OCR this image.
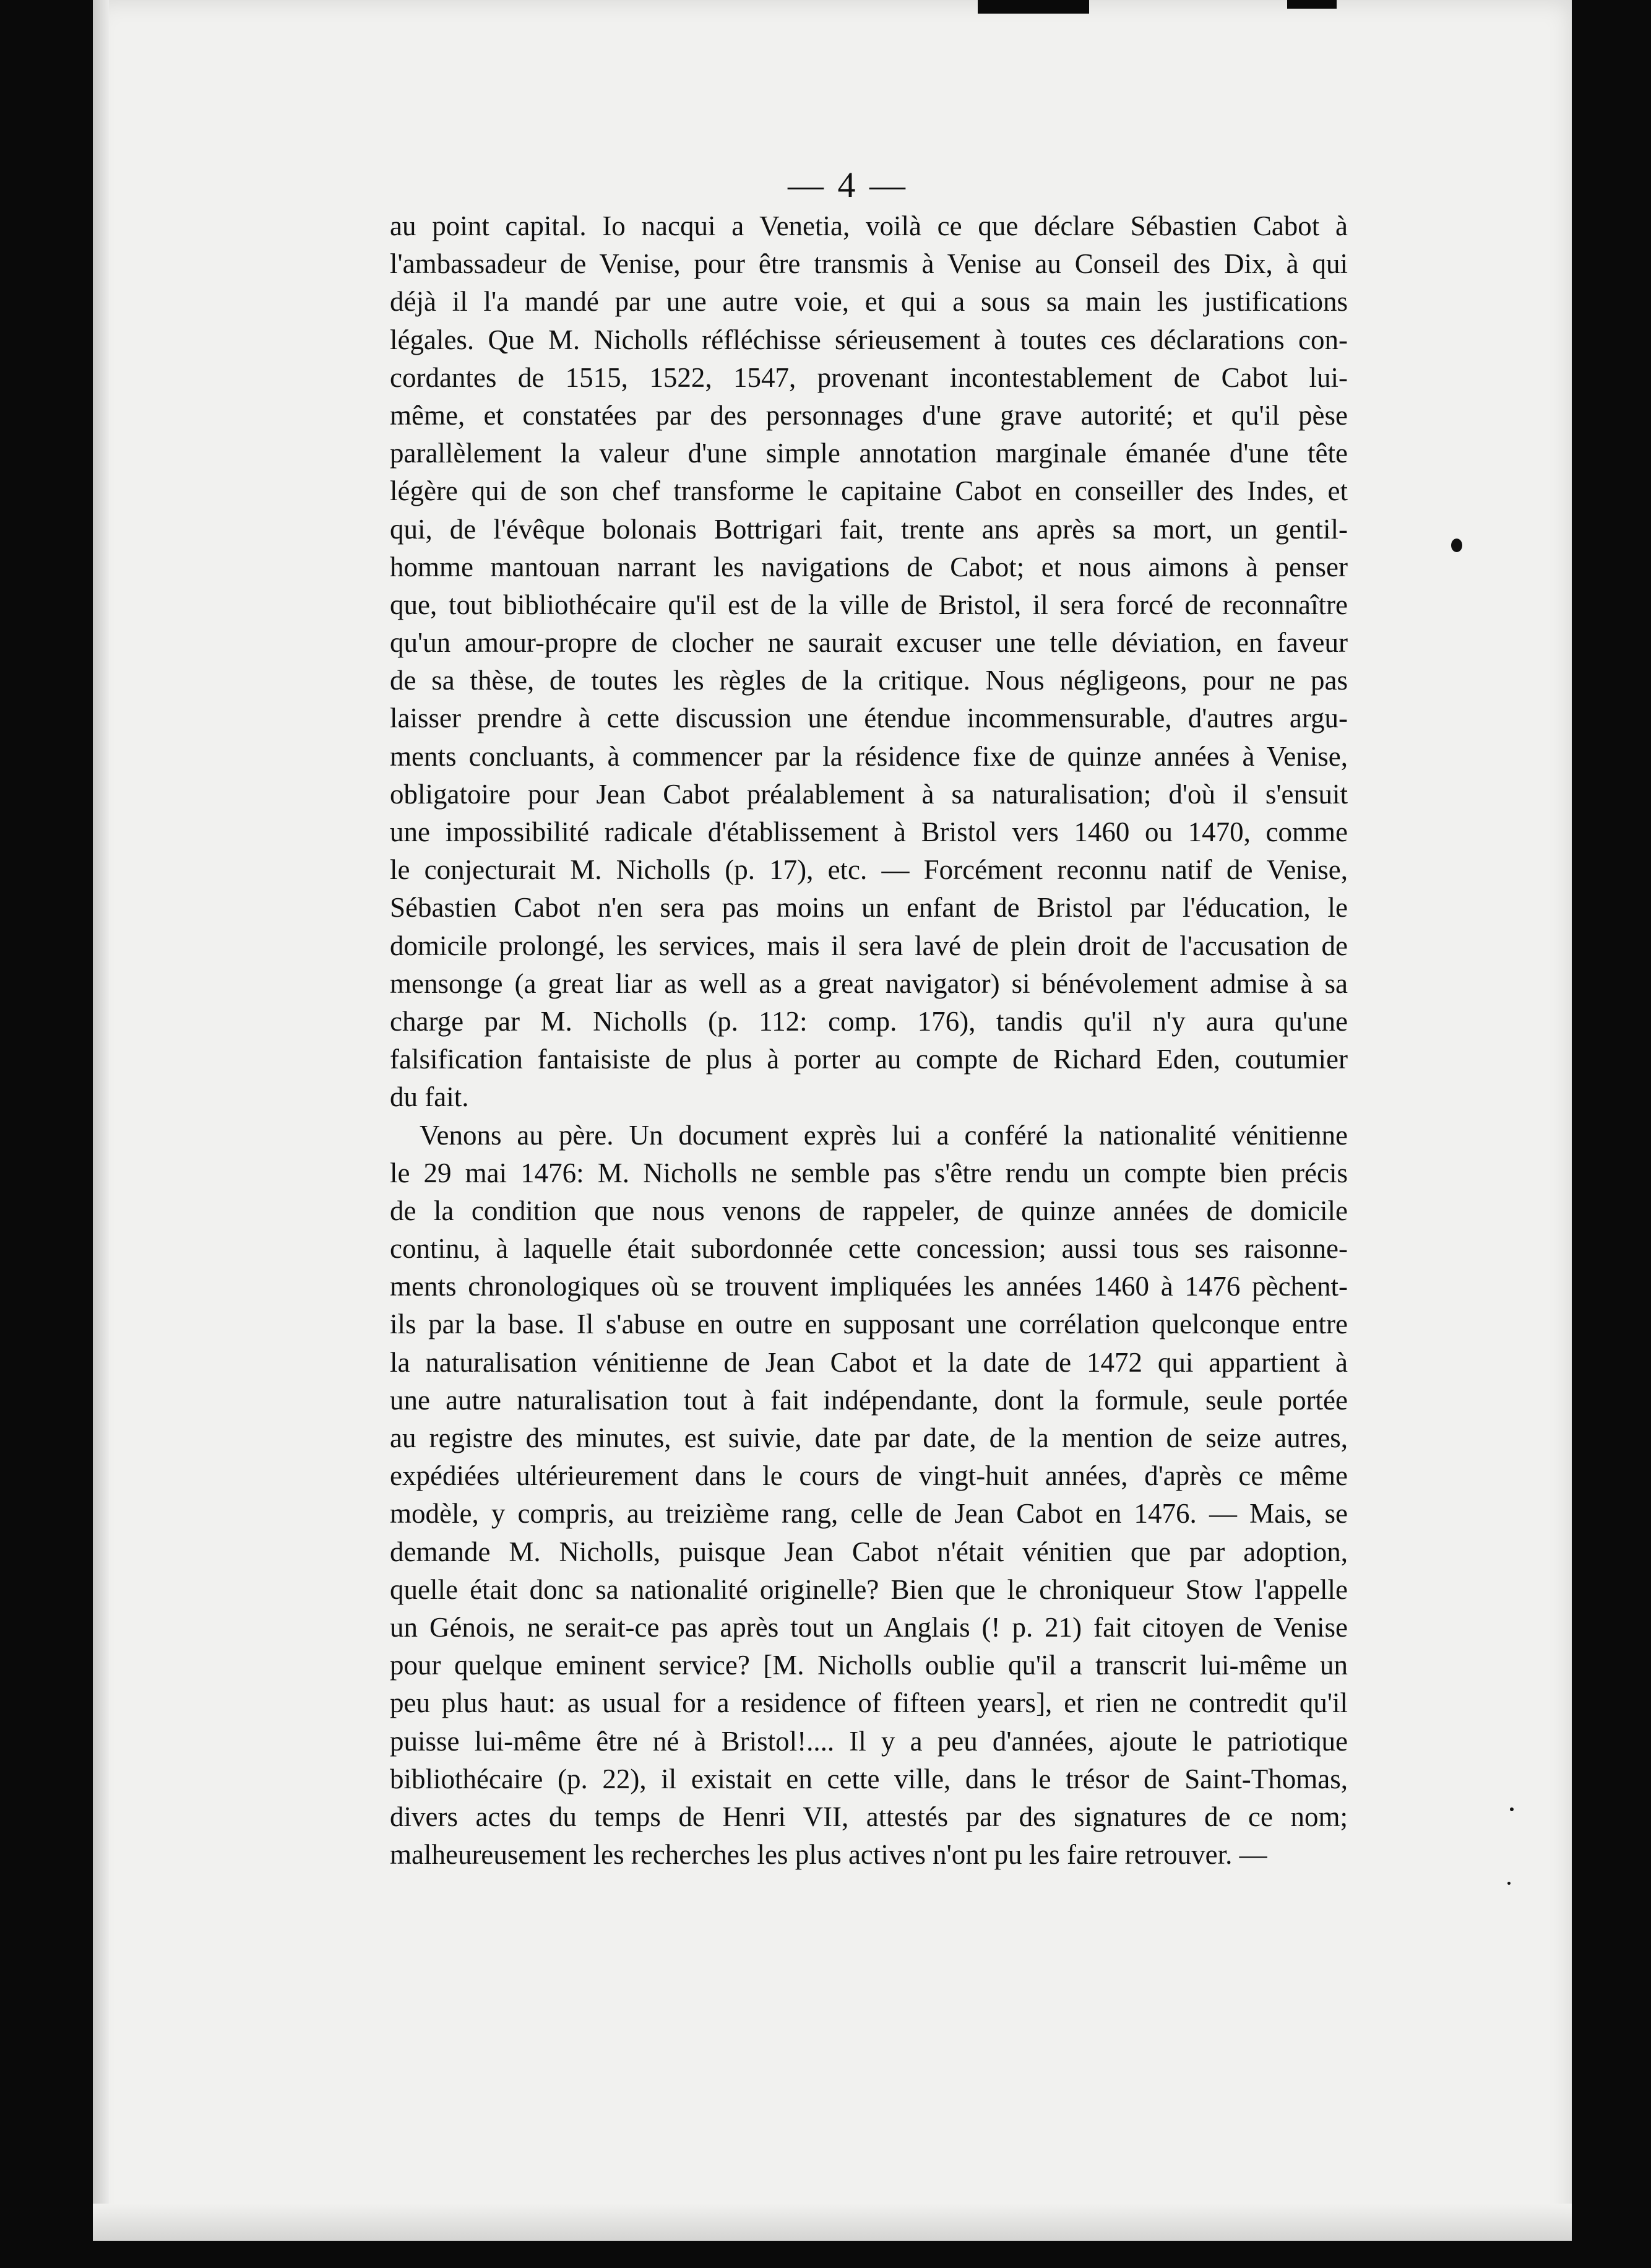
— 4 —
au point capital. Io nacqui a Venetia, voilà ce que déclare Sébastien Cabot à
l'ambassadeur de Venise, pour être transmis à Venise au Conseil des Dix, à qui
déjà il l'a mandé par une autre voie, et qui a sous sa main les justifications
légales. Que M. Nicholls réfléchisse sérieusement à toutes ces déclarations con-
cordantes de 1515, 1522, 1547, provenant incontestablement de Cabot lui-
même, et constatées par des personnages d'une grave autorité; et qu'il pèse
parallèlement la valeur d'une simple annotation marginale émanée d'une tête
légère qui de son chef transforme le capitaine Cabot en conseiller des Indes, et
qui, de l'évêque bolonais Bottrigari fait, trente ans après sa mort, un gentil-
homme mantouan narrant les navigations de Cabot; et nous aimons à penser
que, tout bibliothécaire qu'il est de la ville de Bristol, il sera forcé de reconnaître
qu'un amour-propre de clocher ne saurait excuser une telle déviation, en faveur
de sa thèse, de toutes les règles de la critique. Nous négligeons, pour ne pas
laisser prendre à cette discussion une étendue incommensurable, d'autres argu-
ments concluants, à commencer par la résidence fixe de quinze années à Venise,
obligatoire pour Jean Cabot préalablement à sa naturalisation; d'où il s'ensuit
une impossibilité radicale d'établissement à Bristol vers 1460 ou 1470, comme
le conjecturait M. Nicholls (p. 17), etc. — Forcément reconnu natif de Venise,
Sébastien Cabot n'en sera pas moins un enfant de Bristol par l'éducation, le
domicile prolongé, les services, mais il sera lavé de plein droit de l'accusation de
mensonge (a great liar as well as a great navigator) si bénévolement admise à sa
charge par M. Nicholls (p. 112: comp. 176), tandis qu'il n'y aura qu'une
falsification fantaisiste de plus à porter au compte de Richard Eden, coutumier
du fait.
Venons au père. Un document exprès lui a conféré la nationalité vénitienne
le 29 mai 1476: M. Nicholls ne semble pas s'être rendu un compte bien précis
de la condition que nous venons de rappeler, de quinze années de domicile
continu, à laquelle était subordonnée cette concession; aussi tous ses raisonne-
ments chronologiques où se trouvent impliquées les années 1460 à 1476 pèchent-
ils par la base. Il s'abuse en outre en supposant une corrélation quelconque entre
la naturalisation vénitienne de Jean Cabot et la date de 1472 qui appartient à
une autre naturalisation tout à fait indépendante, dont la formule, seule portée
au registre des minutes, est suivie, date par date, de la mention de seize autres,
expédiées ultérieurement dans le cours de vingt-huit années, d'après ce même
modèle, y compris, au treizième rang, celle de Jean Cabot en 1476. — Mais, se
demande M. Nicholls, puisque Jean Cabot n'était vénitien que par adoption,
quelle était donc sa nationalité originelle? Bien que le chroniqueur Stow l'appelle
un Génois, ne serait-ce pas après tout un Anglais (! p. 21) fait citoyen de Venise
pour quelque eminent service? [M. Nicholls oublie qu'il a transcrit lui-même un
peu plus haut: as usual for a residence of fifteen years], et rien ne contredit qu'il
puisse lui-même être né à Bristol!.... Il y a peu d'années, ajoute le patriotique
bibliothécaire (p. 22), il existait en cette ville, dans le trésor de Saint-Thomas,
divers actes du temps de Henri VII, attestés par des signatures de ce nom;
malheureusement les recherches les plus actives n'ont pu les faire retrouver. —
